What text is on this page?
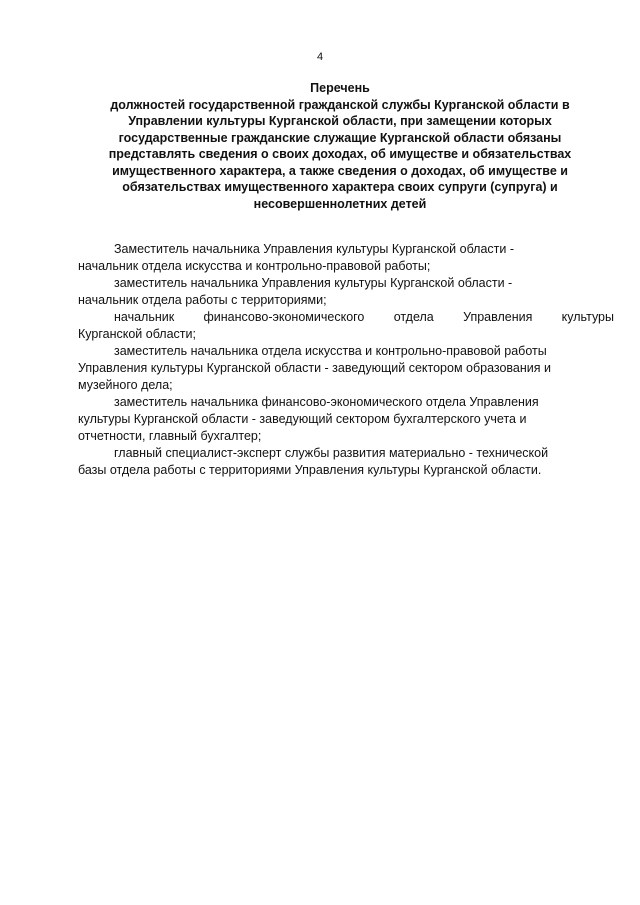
4
Перечень
должностей государственной гражданской службы Курганской области в
Управлении культуры Курганской области, при замещении которых
государственные гражданские служащие Курганской области обязаны
представлять сведения о своих доходах, об имуществе и обязательствах
имущественного характера, а также сведения о доходах, об имуществе и
обязательствах имущественного характера своих супруги (супруга) и
несовершеннолетних детей
Заместитель начальника Управления культуры Курганской области -
начальник отдела искусства и контрольно-правовой работы;
заместитель начальника Управления культуры Курганской области -
начальник отдела работы с территориями;
начальник финансово-экономического отдела Управления культуры
Курганской области;
заместитель начальника отдела искусства и контрольно-правовой работы
Управления культуры Курганской области - заведующий сектором образования и
музейного дела;
заместитель начальника финансово-экономического отдела Управления
культуры Курганской области - заведующий сектором бухгалтерского учета и
отчетности, главный бухгалтер;
главный специалист-эксперт службы развития материально - технической
базы отдела работы с территориями Управления культуры Курганской области.
